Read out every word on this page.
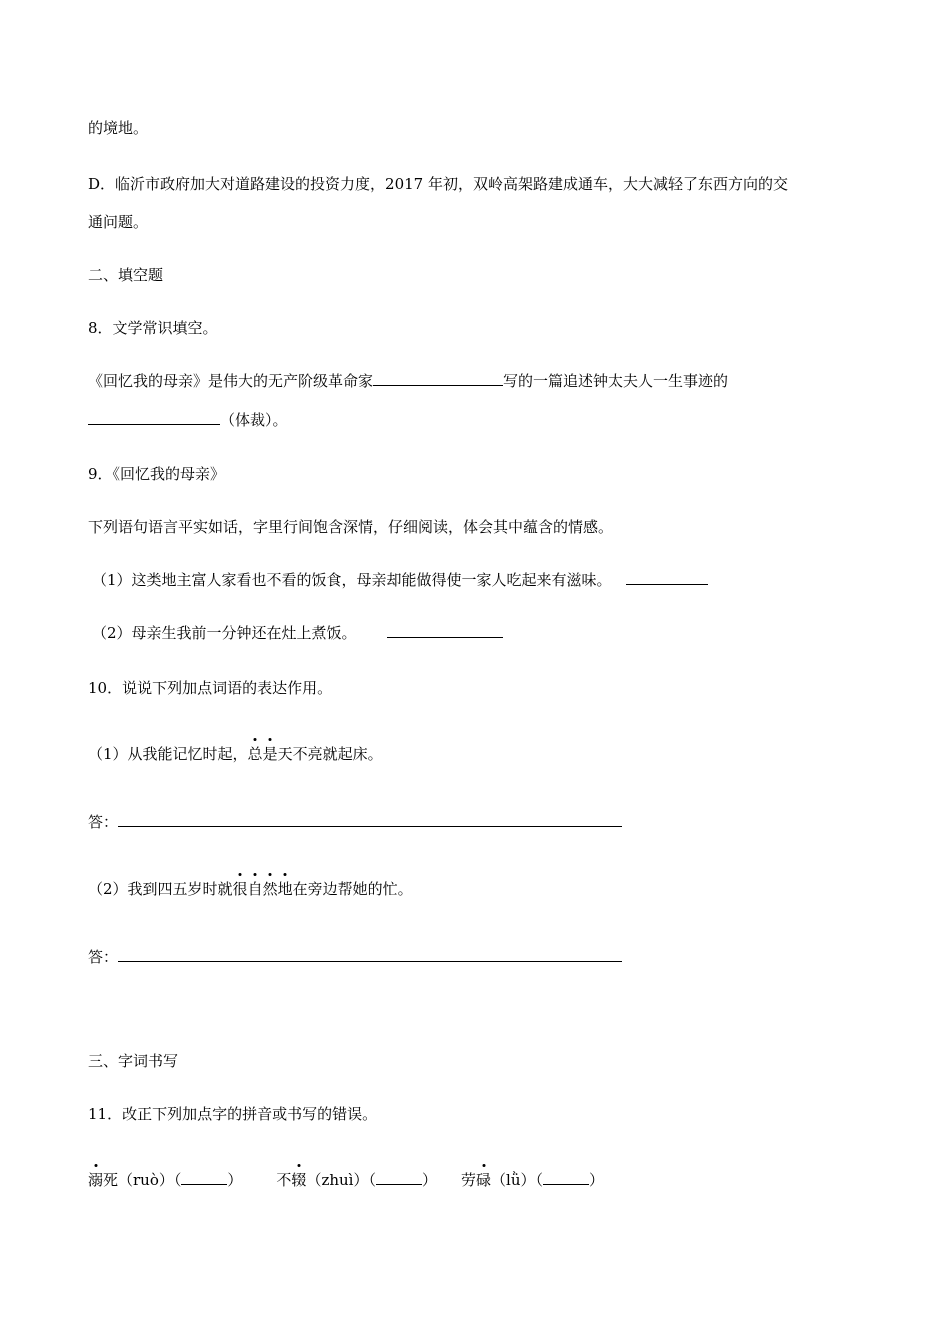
的境地。
D．临沂市政府加大对道路建设的投资力度，2017 年初，双岭高架路建成通车，大大减轻了东西方向的交
通问题。
二、填空题
8．文学常识填空。
《回忆我的母亲》是伟大的无产阶级革命家	写的一篇追述钟太夫人一生事迹的
（体裁）。
9．《回忆我的母亲》
下列语句语言平实如话，字里行间饱含深情，仔细阅读，体会其中蕴含的情感。
（1）这类地主富人家看也不看的饭食，母亲却能做得使一家人吃起来有滋味。
（2）母亲生我前一分钟还在灶上煮饭。
10．说说下列加点词语的表达作用。
（1）从我能记忆时起，总是天不亮就起床。
答：
（2）我到四五岁时就很自然地在旁边帮她的忙。
答：
三、字词书写
11．改正下列加点字的拼音或书写的错误。
溺死（ruò）（	） 不辍（zhuì）（	） 劳碌（lǜ）（	）
